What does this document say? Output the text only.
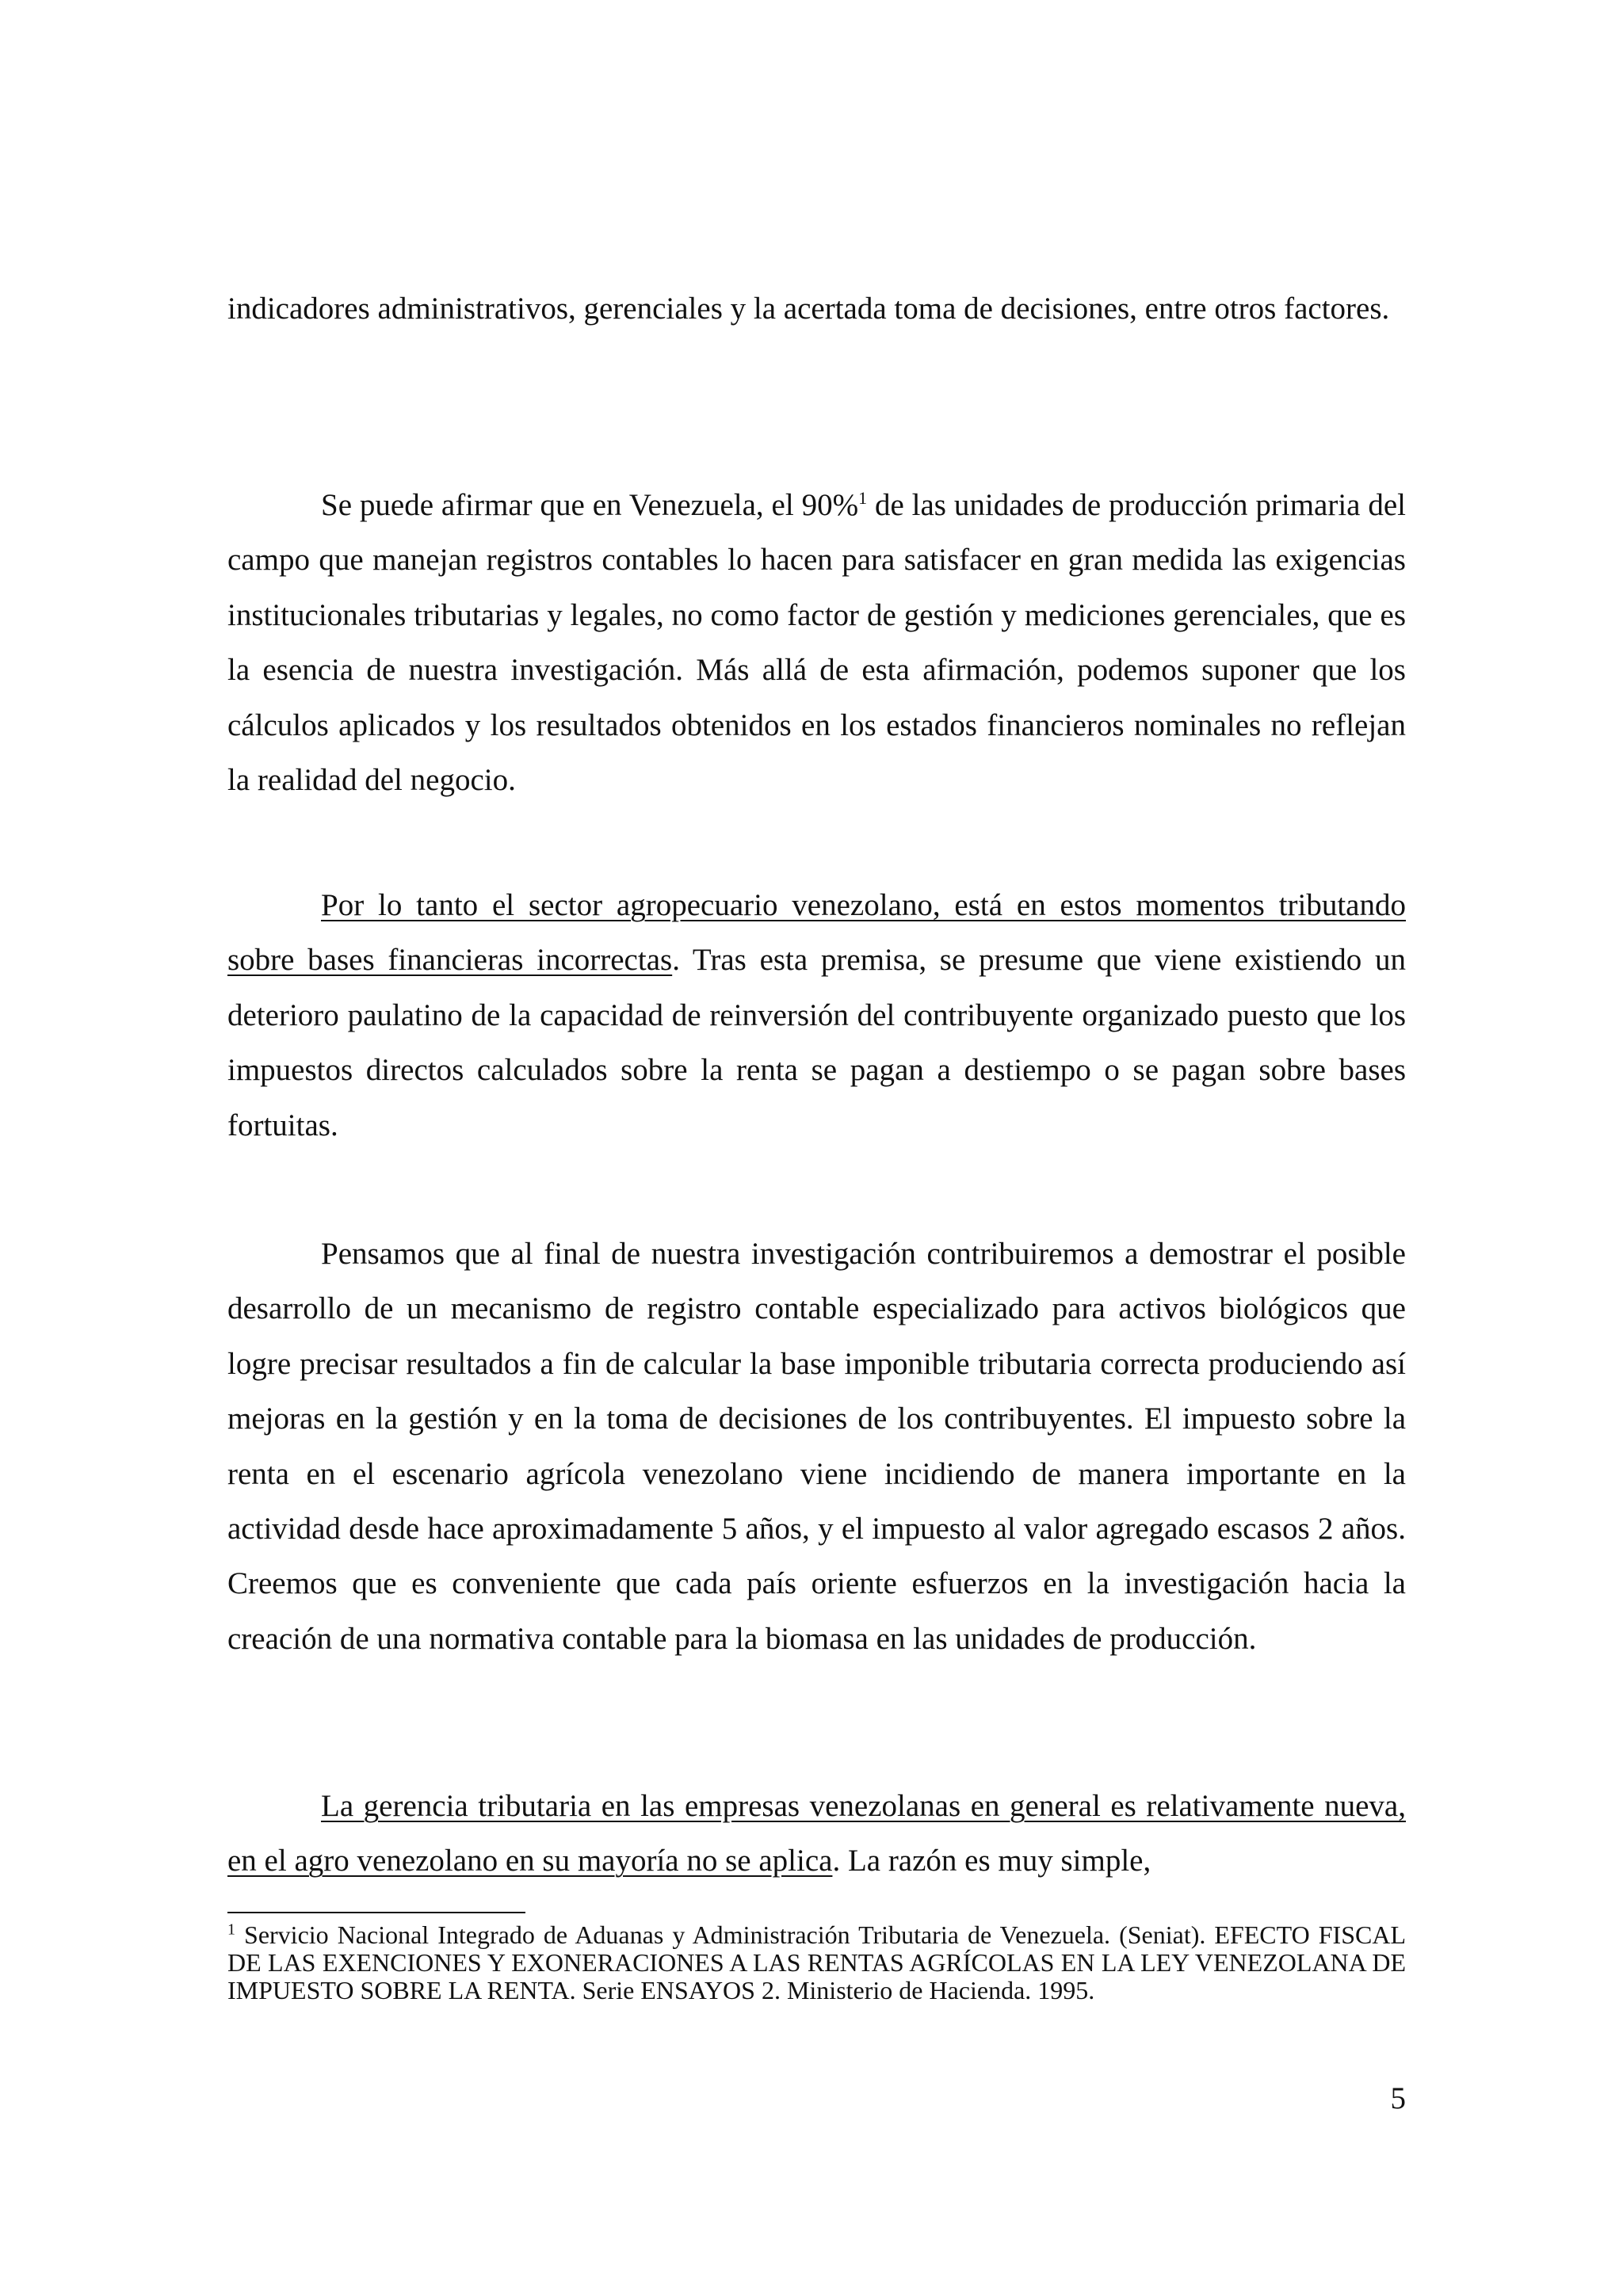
indicadores administrativos, gerenciales y la acertada toma de decisiones, entre otros factores.

Se puede afirmar que en Venezuela, el 90%$^1$ de las unidades de producción primaria del campo que manejan registros contables lo hacen para satisfacer en gran medida las exigencias institucionales tributarias y legales, no como factor de gestión y mediciones gerenciales, que es la esencia de nuestra investigación. Más allá de esta afirmación, podemos suponer que los cálculos aplicados y los resultados obtenidos en los estados financieros nominales no reflejan la realidad del negocio.

Por lo tanto el sector agropecuario venezolano, está en estos momentos tributando sobre bases financieras incorrectas. Tras esta premisa, se presume que viene existiendo un deterioro paulatino de la capacidad de reinversión del contribuyente organizado puesto que los impuestos directos calculados sobre la renta se pagan a destiempo o se pagan sobre bases fortuitas.

Pensamos que al final de nuestra investigación contribuiremos a demostrar el posible desarrollo de un mecanismo de registro contable especializado para activos biológicos que logre precisar resultados a fin de calcular la base imponible tributaria correcta produciendo así mejoras en la gestión y en la toma de decisiones de los contribuyentes. El impuesto sobre la renta en el escenario agrícola venezolano viene incidiendo de manera importante en la actividad desde hace aproximadamente 5 años, y el impuesto al valor agregado escasos 2 años. Creemos que es conveniente que cada país oriente esfuerzos en la investigación hacia la creación de una normativa contable para la biomasa en las unidades de producción.

La gerencia tributaria en las empresas venezolanas en general es relativamente nueva, en el agro venezolano en su mayoría no se aplica. La razón es muy simple,

$^1$ Servicio Nacional Integrado de Aduanas y Administración Tributaria de Venezuela. (Seniat). EFECTO FISCAL DE LAS EXENCIONES Y EXONERACIONES A LAS RENTAS AGRÍCOLAS EN LA LEY VENEZOLANA DE IMPUESTO SOBRE LA RENTA. Serie ENSAYOS 2. Ministerio de Hacienda. 1995.

5
